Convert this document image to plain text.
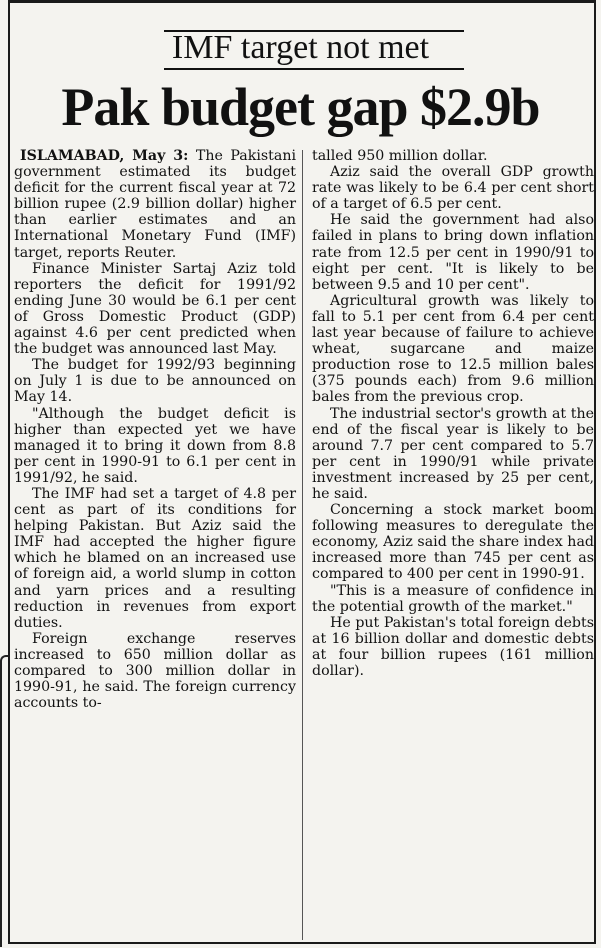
IMF target not met
Pak budget gap $2.9b

ISLAMABAD, May 3: The Pakistani government estimated its budget deficit for the current fiscal year at 72 billion rupee (2.9 billion dollar) higher than earlier estimates and an International Monetary Fund (IMF) target, reports Reuter.

Finance Minister Sartaj Aziz told reporters the deficit for 1991/92 ending June 30 would be 6.1 per cent of Gross Domestic Product (GDP) against 4.6 per cent predicted when the budget was announced last May.

The budget for 1992/93 beginning on July 1 is due to be announced on May 14.

"Although the budget deficit is higher than expected yet we have managed it to bring it down from 8.8 per cent in 1990-91 to 6.1 per cent in 1991/92, he said.

The IMF had set a target of 4.8 per cent as part of its conditions for helping Pakistan. But Aziz said the IMF had accepted the higher figure which he blamed on an increased use of foreign aid, a world slump in cotton and yarn prices and a resulting reduction in revenues from export duties.

Foreign exchange reserves increased to 650 million dollar as compared to 300 million dollar in 1990-91, he said. The foreign currency accounts to-

talled 950 million dollar.

Aziz said the overall GDP growth rate was likely to be 6.4 per cent short of a target of 6.5 per cent.

He said the government had also failed in plans to bring down inflation rate from 12.5 per cent in 1990/91 to eight per cent. "It is likely to be between 9.5 and 10 per cent".

Agricultural growth was likely to fall to 5.1 per cent from 6.4 per cent last year because of failure to achieve wheat, sugarcane and maize production rose to 12.5 million bales (375 pounds each) from 9.6 million bales from the previous crop.

The industrial sector's growth at the end of the fiscal year is likely to be around 7.7 per cent compared to 5.7 per cent in 1990/91 while private investment increased by 25 per cent, he said.

Concerning a stock market boom following measures to deregulate the economy, Aziz said the share index had increased more than 745 per cent as compared to 400 per cent in 1990-91.

"This is a measure of confidence in the potential growth of the market."

He put Pakistan's total foreign debts at 16 billion dollar and domestic debts at four billion rupees (161 million dollar).
